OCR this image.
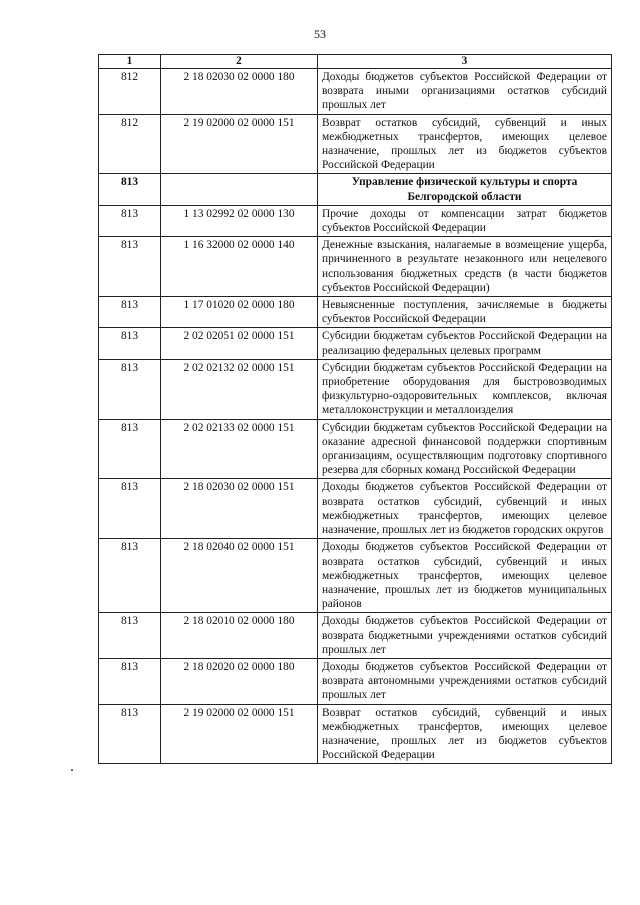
53
1	2	3
812	2 18 02030 02 0000 180	Доходы бюджетов субъектов Российской Федерации от возврата иными организациями остатков субсидий прошлых лет
812	2 19 02000 02 0000 151	Возврат остатков субсидий, субвенций и иных межбюджетных трансфертов, имеющих целевое назначение, прошлых лет из бюджетов субъектов Российской Федерации
813		Управление физической культуры и спорта Белгородской области
813	1 13 02992 02 0000 130	Прочие доходы от компенсации затрат бюджетов субъектов Российской Федерации
813	1 16 32000 02 0000 140	Денежные взыскания, налагаемые в возмещение ущерба, причиненного в результате незаконного или нецелевого использования бюджетных средств (в части бюджетов субъектов Российской Федерации)
813	1 17 01020 02 0000 180	Невыясненные поступления, зачисляемые в бюджеты субъектов Российской Федерации
813	2 02 02051 02 0000 151	Субсидии бюджетам субъектов Российской Федерации на реализацию федеральных целевых программ
813	2 02 02132 02 0000 151	Субсидии бюджетам субъектов Российской Федерации на приобретение оборудования для быстровозводимых физкультурно-оздоровительных комплексов, включая металлоконструкции и металлоизделия
813	2 02 02133 02 0000 151	Субсидии бюджетам субъектов Российской Федерации на оказание адресной финансовой поддержки спортивным организациям, осуществляющим подготовку спортивного резерва для сборных команд Российской Федерации
813	2 18 02030 02 0000 151	Доходы бюджетов субъектов Российской Федерации от возврата остатков субсидий, субвенций и иных межбюджетных трансфертов, имеющих целевое назначение, прошлых лет из бюджетов городских округов
813	2 18 02040 02 0000 151	Доходы бюджетов субъектов Российской Федерации от возврата остатков субсидий, субвенций и иных межбюджетных трансфертов, имеющих целевое назначение, прошлых лет из бюджетов муниципальных районов
813	2 18 02010 02 0000 180	Доходы бюджетов субъектов Российской Федерации от возврата бюджетными учреждениями остатков субсидий прошлых лет
813	2 18 02020 02 0000 180	Доходы бюджетов субъектов Российской Федерации от возврата автономными учреждениями остатков субсидий прошлых лет
813	2 19 02000 02 0000 151	Возврат остатков субсидий, субвенций и иных межбюджетных трансфертов, имеющих целевое назначение, прошлых лет из бюджетов субъектов Российской Федерации
